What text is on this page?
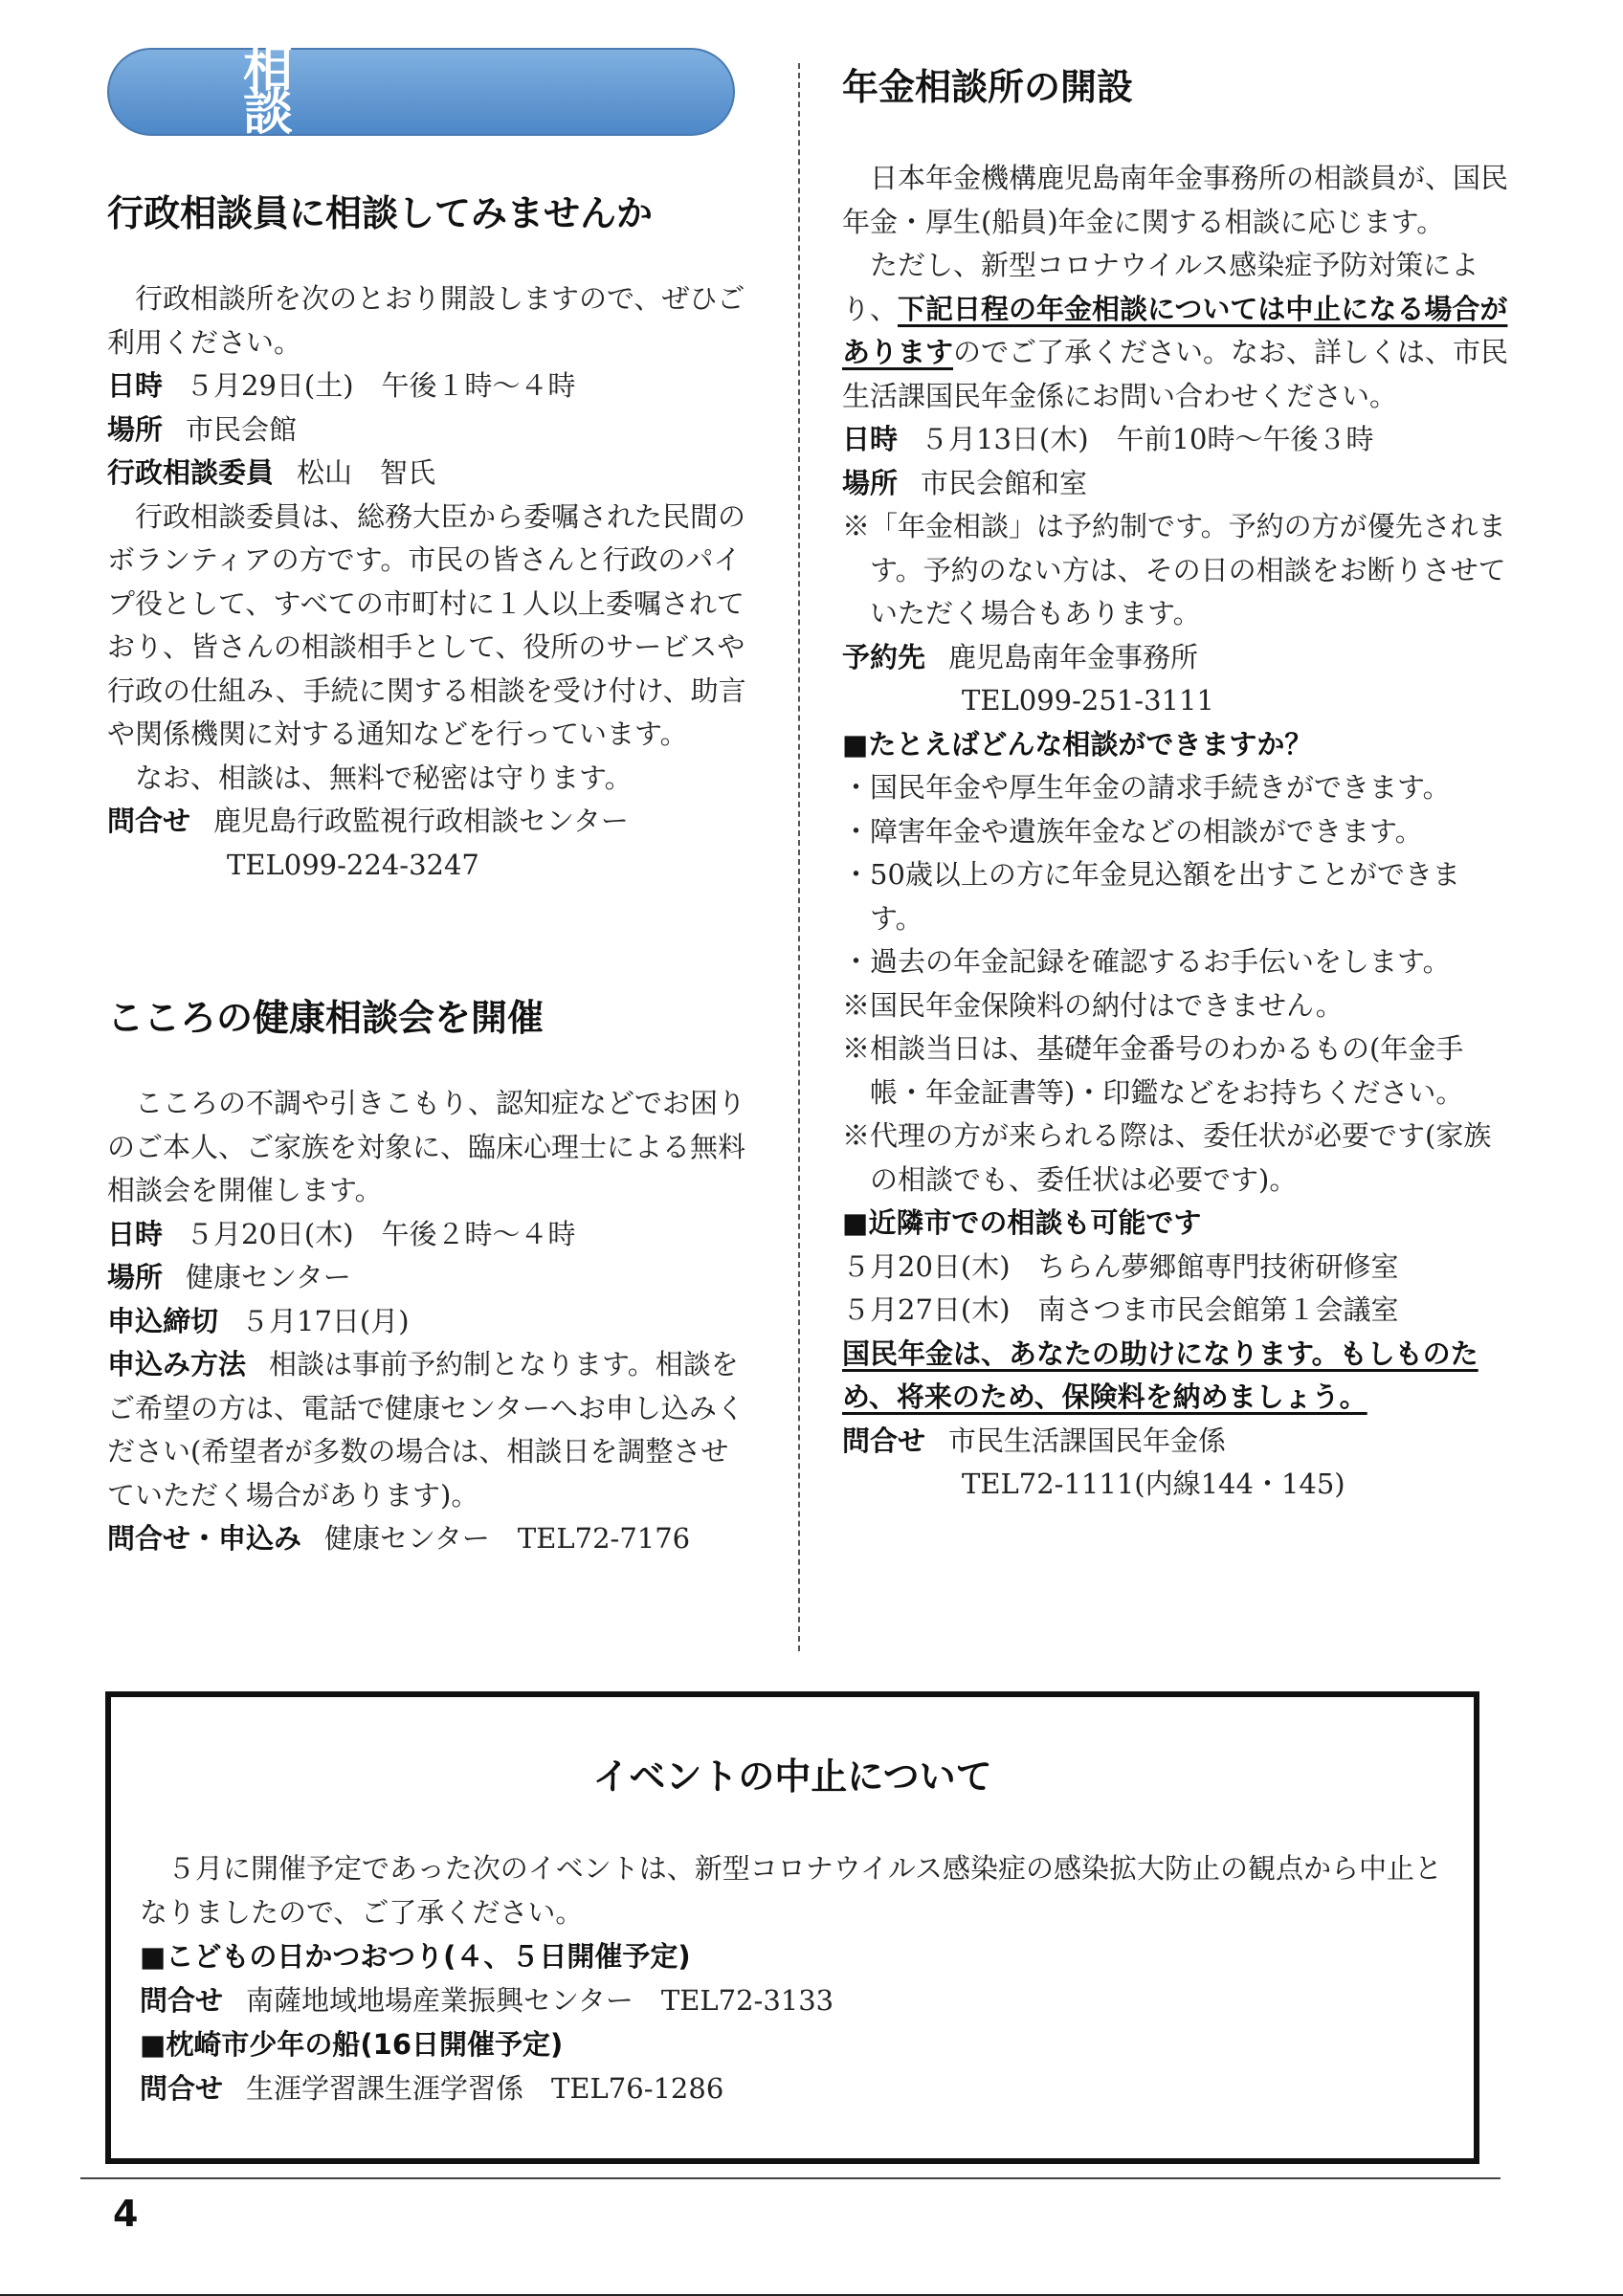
相　談
行政相談員に相談してみませんか

行政相談所を次のとおり開設しますので、ぜひご利用ください。

日時 ５月29日(土)　午後１時～４時

場所 市民会館

行政相談委員 松山　智氏

行政相談委員は、総務大臣から委嘱された民間のボランティアの方です。市民の皆さんと行政のパイプ役として、すべての市町村に１人以上委嘱されており、皆さんの相談相手として、役所のサービスや行政の仕組み、手続に関する相談を受け付け、助言や関係機関に対する通知などを行っています。

なお、相談は、無料で秘密は守ります。

問合せ 鹿児島行政監視行政相談センター

TEL099-224-3247

こころの健康相談会を開催

こころの不調や引きこもり、認知症などでお困りのご本人、ご家族を対象に、臨床心理士による無料相談会を開催します。

日時 ５月20日(木)　午後２時～４時

場所 健康センター

申込締切 ５月17日(月)

申込み方法 相談は事前予約制となります。相談をご希望の方は、電話で健康センターへお申し込みください(希望者が多数の場合は、相談日を調整させていただく場合があります)。

問合せ・申込み 健康センター　TEL72-7176

年金相談所の開設

日本年金機構鹿児島南年金事務所の相談員が、国民年金・厚生(船員)年金に関する相談に応じます。

ただし、新型コロナウイルス感染症予防対策により、下記日程の年金相談については中止になる場合がありますのでご了承ください。なお、詳しくは、市民生活課国民年金係にお問い合わせください。

日時 ５月13日(木)　午前10時～午後３時

場所 市民会館和室

※「年金相談」は予約制です。予約の方が優先されます。予約のない方は、その日の相談をお断りさせていただく場合もあります。

予約先 鹿児島南年金事務所

TEL099-251-3111

■たとえばどんな相談ができますか？

・国民年金や厚生年金の請求手続きができます。

・障害年金や遺族年金などの相談ができます。

・50歳以上の方に年金見込額を出すことができます。

・過去の年金記録を確認するお手伝いをします。

※国民年金保険料の納付はできません。

※相談当日は、基礎年金番号のわかるもの(年金手帳・年金証書等)・印鑑などをお持ちください。

※代理の方が来られる際は、委任状が必要です(家族の相談でも、委任状は必要です)。

■近隣市での相談も可能です

５月20日(木)　ちらん夢郷館専門技術研修室

５月27日(木)　南さつま市民会館第１会議室

国民年金は、あなたの助けになります。もしものため、将来のため、保険料を納めましょう。

問合せ 市民生活課国民年金係

TEL72-1111(内線144・145)

イベントの中止について

５月に開催予定であった次のイベントは、新型コロナウイルス感染症の感染拡大防止の観点から中止となりましたので、ご了承ください。

■こどもの日かつおつり(４、５日開催予定)

問合せ 南薩地域地場産業振興センター　TEL72-3133

■枕崎市少年の船(16日開催予定)

問合せ 生涯学習課生涯学習係　TEL76-1286

4
